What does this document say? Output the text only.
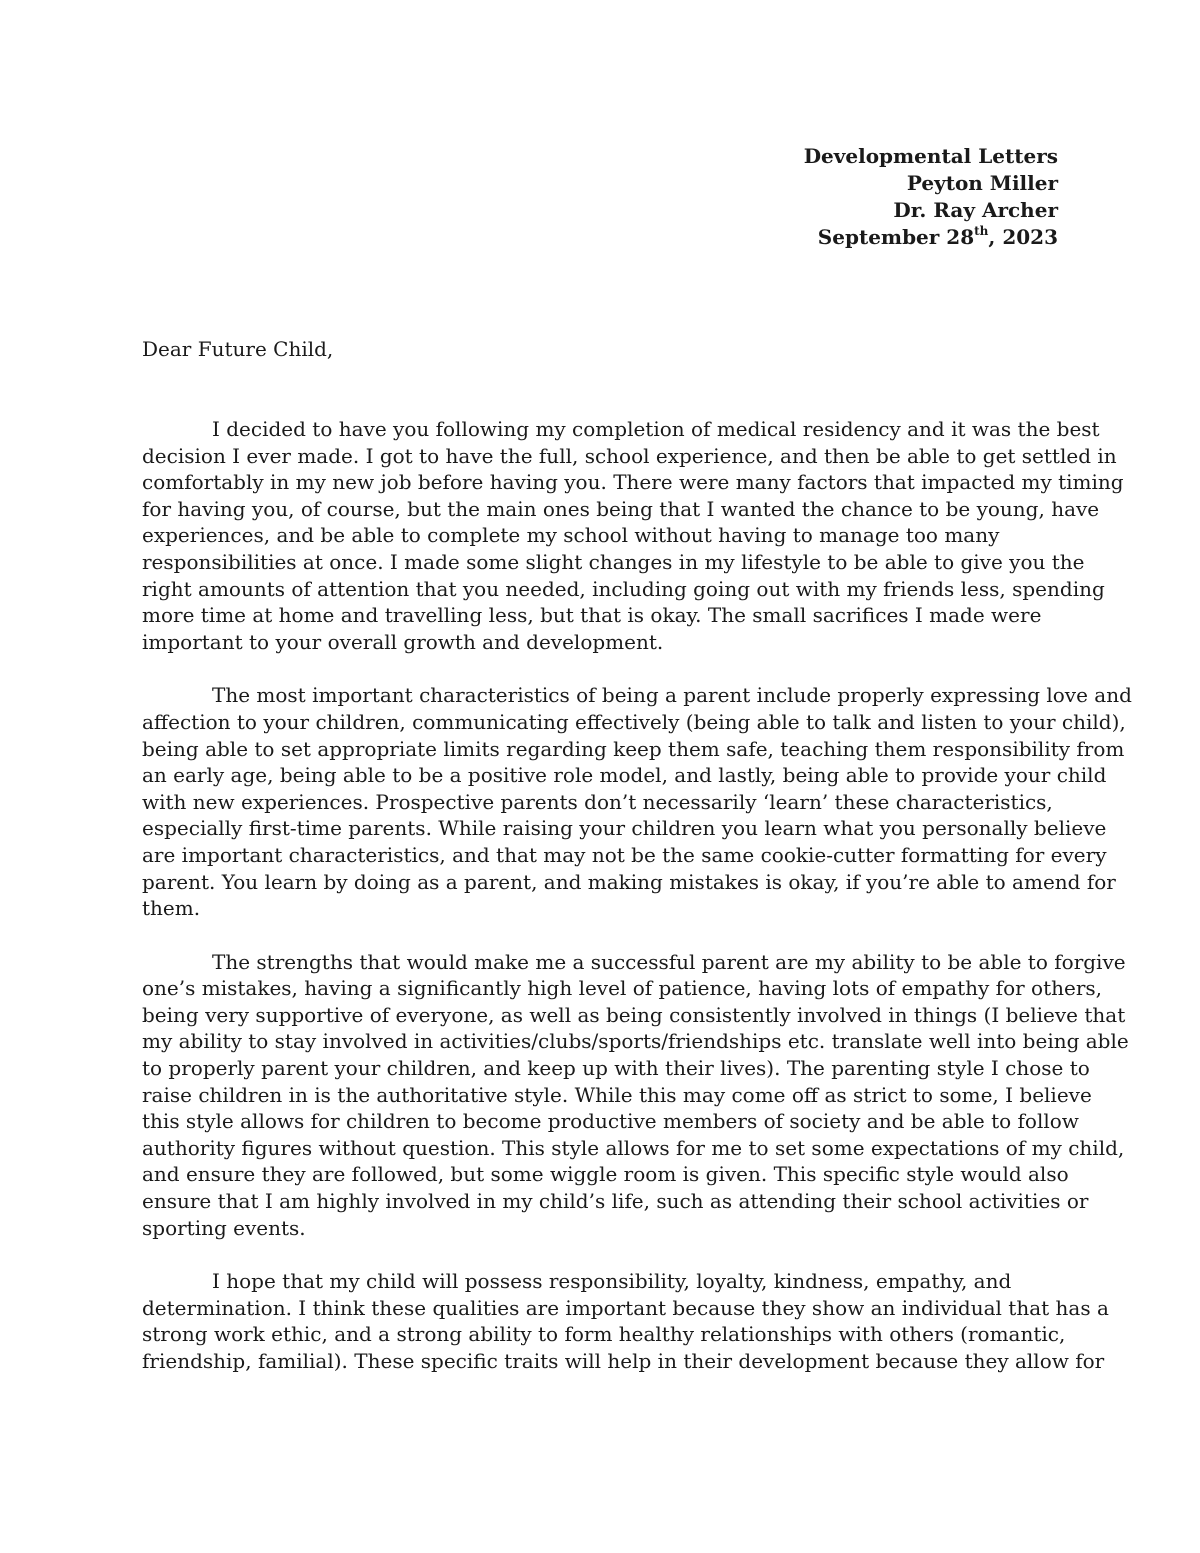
Developmental Letters
Peyton Miller
Dr. Ray Archer
September 28th, 2023
Dear Future Child,

I decided to have you following my completion of medical residency and it was the best
decision I ever made. I got to have the full, school experience, and then be able to get settled in
comfortably in my new job before having you. There were many factors that impacted my timing
for having you, of course, but the main ones being that I wanted the chance to be young, have
experiences, and be able to complete my school without having to manage too many
responsibilities at once. I made some slight changes in my lifestyle to be able to give you the
right amounts of attention that you needed, including going out with my friends less, spending
more time at home and travelling less, but that is okay. The small sacrifices I made were
important to your overall growth and development.

The most important characteristics of being a parent include properly expressing love and
affection to your children, communicating effectively (being able to talk and listen to your child),
being able to set appropriate limits regarding keep them safe, teaching them responsibility from
an early age, being able to be a positive role model, and lastly, being able to provide your child
with new experiences. Prospective parents don’t necessarily ‘learn’ these characteristics,
especially first-time parents. While raising your children you learn what you personally believe
are important characteristics, and that may not be the same cookie-cutter formatting for every
parent. You learn by doing as a parent, and making mistakes is okay, if you’re able to amend for
them.

The strengths that would make me a successful parent are my ability to be able to forgive
one’s mistakes, having a significantly high level of patience, having lots of empathy for others,
being very supportive of everyone, as well as being consistently involved in things (I believe that
my ability to stay involved in activities/clubs/sports/friendships etc. translate well into being able
to properly parent your children, and keep up with their lives). The parenting style I chose to
raise children in is the authoritative style. While this may come off as strict to some, I believe
this style allows for children to become productive members of society and be able to follow
authority figures without question. This style allows for me to set some expectations of my child,
and ensure they are followed, but some wiggle room is given. This specific style would also
ensure that I am highly involved in my child’s life, such as attending their school activities or
sporting events.

I hope that my child will possess responsibility, loyalty, kindness, empathy, and
determination. I think these qualities are important because they show an individual that has a
strong work ethic, and a strong ability to form healthy relationships with others (romantic,
friendship, familial). These specific traits will help in their development because they allow for
